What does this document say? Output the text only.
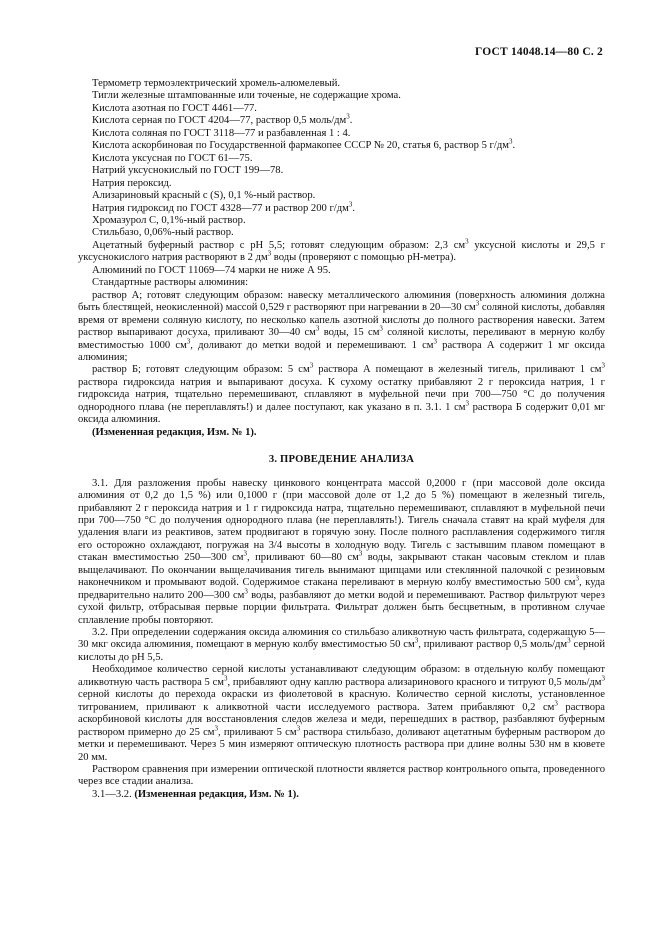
ГОСТ 14048.14—80 С. 2

Термометр термоэлектрический хромель-алюмелевый.

Тигли железные штампованные или точеные, не содержащие хрома.

Кислота азотная по ГОСТ 4461—77.

Кислота серная по ГОСТ 4204—77, раствор 0,5 моль/$дм^3$.

Кислота соляная по ГОСТ 3118—77 и разбавленная 1 : 4.

Кислота аскорбиновая по Государственной фармакопее СССР № 20, статья 6, раствор 5 $г/дм^3$.

Кислота уксусная по ГОСТ 61—75.

Натрий уксуснокислый по ГОСТ 199—78.

Натрия пероксид.

Ализариновый красный с (S), 0,1 %-ный раствор.

Натрия гидроксид по ГОСТ 4328—77 и раствор 200 $г/дм^3$.

Хромазурол С, 0,1%-ный раствор.

Стильбазо, 0,06%-ный раствор.

Ацетатный буферный раствор с pH 5,5; готовят следующим образом: 2,3 $см^3$ уксусной кислоты и 29,5 г уксуснокислого натрия растворяют в 2 $дм^3$ воды (проверяют с помощью pH-метра).

Алюминий по ГОСТ 11069—74 марки не ниже А 95.

Стандартные растворы алюминия:

раствор А; готовят следующим образом: навеску металлического алюминия (поверхность алюминия должна быть блестящей, неокисленной) массой 0,529 г растворяют при нагревании в 20—30 $см^3$ соляной кислоты, добавляя время от времени соляную кислоту, по несколько капель азотной кислоты до полного растворения навески. Затем раствор выпаривают досуха, приливают 30—40 $см^3$ воды, 15 $см^3$ соляной кислоты, переливают в мерную колбу вместимостью 1000 $см^3$, доливают до метки водой и перемешивают. 1 $см^3$ раствора А содержит 1 мг оксида алюминия;

раствор Б; готовят следующим образом: 5 $см^3$ раствора А помещают в железный тигель, приливают 1 $см^3$ раствора гидроксида натрия и выпаривают досуха. К сухому остатку прибавляют 2 г пероксида натрия, 1 г гидроксида натрия, тщательно перемешивают, сплавляют в муфельной печи при 700—750 °С до получения однородного плава (не переплавлять!) и далее поступают, как указано в п. 3.1. 1 $см^3$ раствора Б содержит 0,01 мг оксида алюминия.

(Измененная редакция, Изм. № 1).

3. ПРОВЕДЕНИЕ АНАЛИЗА

3.1. Для разложения пробы навеску цинкового концентрата массой 0,2000 г (при массовой доле оксида алюминия от 0,2 до 1,5 %) или 0,1000 г (при массовой доле от 1,2 до 5 %) помещают в железный тигель, прибавляют 2 г пероксида натрия и 1 г гидроксида натра, тщательно перемешивают, сплавляют в муфельной печи при 700—750 °С до получения однородного плава (не переплавлять!). Тигель сначала ставят на край муфеля для удаления влаги из реактивов, затем продвигают в горячую зону. После полного расплавления содержимого тигля его осторожно охлаждают, погружая на 3/4 высоты в холодную воду. Тигель с застывшим плавом помещают в стакан вместимостью 250—300 $см^3$, приливают 60—80 $см^3$ воды, закрывают стакан часовым стеклом и плав выщелачивают. По окончании выщелачивания тигель вынимают щипцами или стеклянной палочкой с резиновым наконечником и промывают водой. Содержимое стакана переливают в мерную колбу вместимостью 500 $см^3$, куда предварительно налито 200—300 $см^3$ воды, разбавляют до метки водой и перемешивают. Раствор фильтруют через сухой фильтр, отбрасывая первые порции фильтрата. Фильтрат должен быть бесцветным, в противном случае сплавление пробы повторяют.

3.2. При определении содержания оксида алюминия со стильбазо аликвотную часть фильтрата, содержащую 5—30 мкг оксида алюминия, помещают в мерную колбу вместимостью 50 $см^3$, приливают раствор 0,5 моль/$дм^3$ серной кислоты до pH 5,5.

Необходимое количество серной кислоты устанавливают следующим образом: в отдельную колбу помещают аликвотную часть раствора 5 $см^3$, прибавляют одну каплю раствора ализаринового красного и титруют 0,5 моль/$дм^3$ серной кислоты до перехода окраски из фиолетовой в красную. Количество серной кислоты, установленное титрованием, приливают к аликвотной части исследуемого раствора. Затем прибавляют 0,2 $см^3$ раствора аскорбиновой кислоты для восстановления следов железа и меди, перешедших в раствор, разбавляют буферным раствором примерно до 25 $см^3$, приливают 5 $см^3$ раствора стильбазо, доливают ацетатным буферным раствором до метки и перемешивают. Через 5 мин измеряют оптическую плотность раствора при длине волны 530 нм в кювете 20 мм.

Раствором сравнения при измерении оптической плотности является раствор контрольного опыта, проведенного через все стадии анализа.

3.1—3.2. (Измененная редакция, Изм. № 1).
